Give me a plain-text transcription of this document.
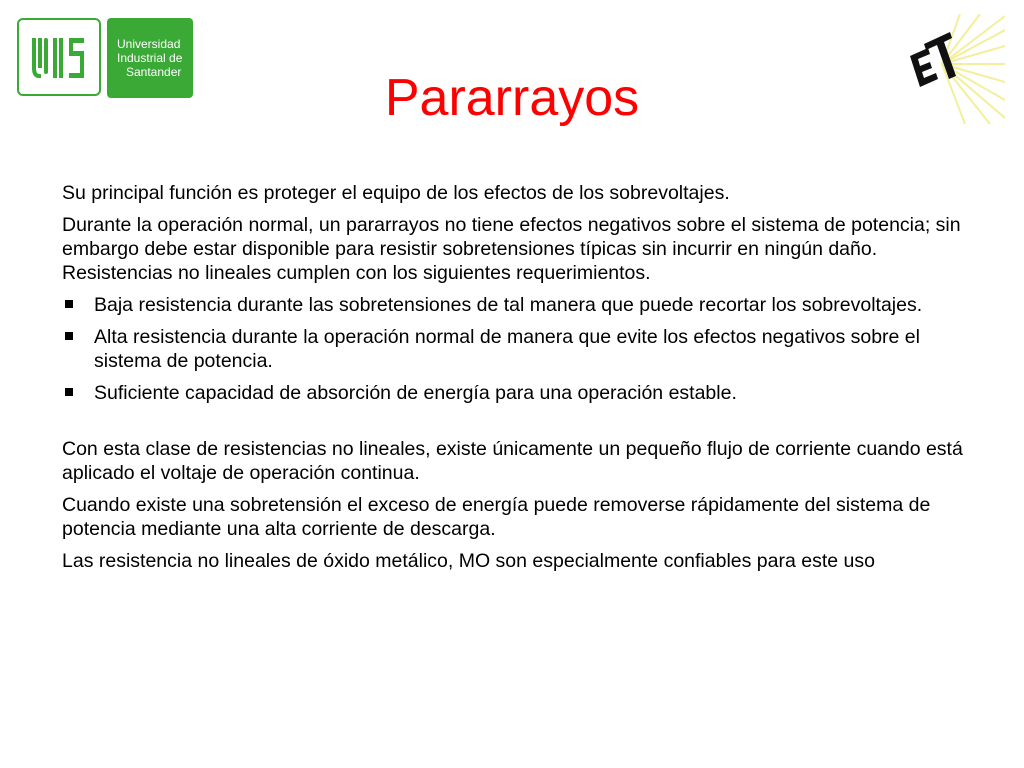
Universidad
Industrial de
Santander	Pararrayos

Su principal función es proteger el equipo de los efectos de los sobrevoltajes.

Durante la operación normal, un pararrayos no tiene efectos negativos sobre el sistema de potencia; sin embargo debe estar disponible para resistir sobretensiones típicas sin incurrir en ningún daño. Resistencias no lineales cumplen con los siguientes requerimientos.

Baja resistencia durante las sobretensiones de tal manera que puede recortar los sobrevoltajes.
Alta resistencia durante la operación normal de manera que evite los efectos negativos sobre el sistema de potencia.
Suficiente capacidad de absorción de energía para una operación estable.

Con esta clase de resistencias no lineales, existe únicamente un pequeño flujo de corriente cuando está aplicado el voltaje de operación continua.

Cuando existe una sobretensión el exceso de energía puede removerse rápidamente del sistema de potencia mediante una alta corriente de descarga.

Las resistencia no lineales de óxido metálico, MO son especialmente confiables para este uso
